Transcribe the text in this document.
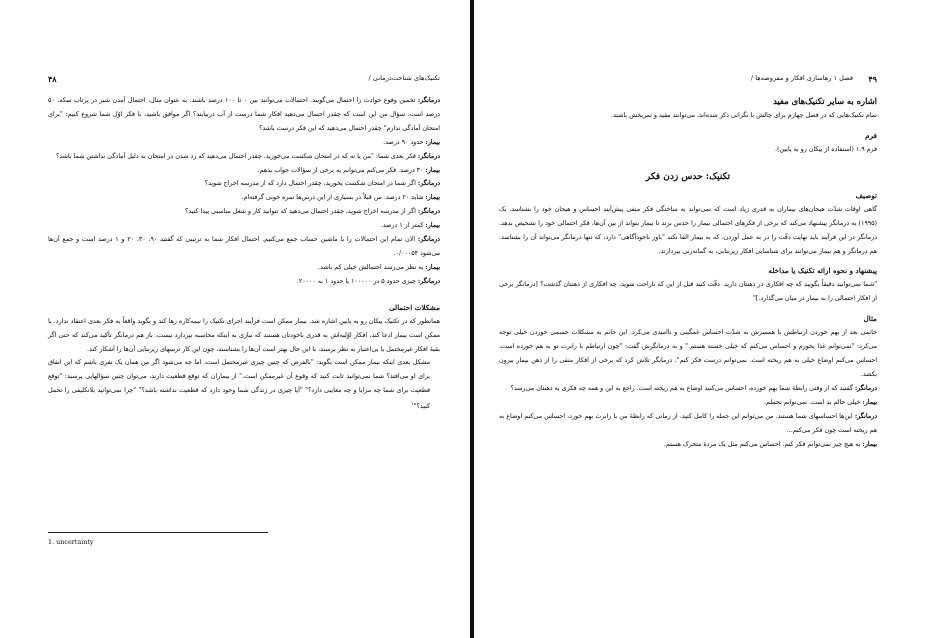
۴۸	تکنیک‌های شناخت‌درمانی /

درمانگر: تخمین وقوع حوادث را احتمال می‌گویند. احتمالات می‌توانند بین ۰ تا ۱۰۰ درصد باشند. به عنوان مثال، احتمال آمدن شیر در پرتاب سکه، ۵۰ درصد است. سؤال من این است که چقدر احتمال می‌دهید افکار شما درست از آب دربیایند؟ اگر موافق باشید، با فکر اوّل شما شروع کنیم: "برای امتحان آمادگی ندارم" چقدر احتمال می‌دهید که این فکر درست باشد؟

بیمار: حدود ۹۰ درصد.

درمانگر: فکر بعدی شما: "من یا نه که در امتحان شکست می‌خورید. چقدر احتمال می‌دهید که رد شدن در امتحان به دلیل آمادگی نداشتن شما باشد؟

بیمار: ۳۰ درصد. فکر می‌کنم می‌توانم به برخی از سؤالات جواب بدهم.

درمانگر: اگر شما در امتحان شکست بخورید، چقدر احتمال دارد که از مدرسه اخراج شوید؟

بیمار: شاید ۲۰ درصد. من قبلاً در بسیاری از این درس‌ها نمره خوبی گرفته‌ام.

درمانگر: اگر از مدرسه اخراج شوید، چقدر احتمال می‌دهید که نتوانید کار و شغل مناسبی پیدا کنید؟

بیمار: کمتر از ۱ درصد.

درمانگر: الان تمام این احتمالات را با ماشین حساب جمع می‌کنیم. احتمال افکار شما به ترتیبی که گفتید ۹۰، ۳۰، ۲۰ و ۱ درصد است و جمع آن‌ها می‌شود ۰/۰۰۰۵۴.

بیمار: به نظر می‌رسد احتمالش خیلی کم باشد.

درمانگر: چیزی حدود ۵ در ۱۰۰۰۰۰ یا حدود ۱ به ۲۰۰۰۰.

مشکلات احتمالی

همانطور که در تکنیک پیکان رو به پایین اشاره شد، بیمار ممکن است فرآیند اجرای تکنیک را نیمه‌کاره رها کند و بگوید واقعاً به فکر بعدی اعتقاد ندارد. یا ممکن است بیمار ادعا کند، افکار اوّلیه‌اش به قدری باخودتان هستند که نیازی به اینکه محاسبه بپردازد نیست. باز هم درمانگر تأکید می‌کند که حتی اگر بقیهٔ افکار غیرمحتمل یا بی‌اعتبار به نظر برسند، با این حال بهتر است آن‌ها را بشناسند، چون این کار ترسهای زیربنایی آن‌ها را آشکار کند.

مشکل بعدی اینکه بیمار ممکن است بگوید: "بالفرض که چنین چیزی غیرمحتمل است، اما چه می‌شود اگر من همان یک نفری باشم که این اتفاق برای او می‌افتد؟ شما نمی‌توانید ثابت کنید که وقوع آن غیرممکن است." از بیماران که توقع قطعیت دارند، می‌توان چنین سؤالهایی پرسید: "توقع قطعیت برای شما چه مزایا و چه معایبی دارد؟" "آیا چیزی در زندگی شما وجود دارد که قطعیت نداشته باشد؟" "چرا نمی‌توانید بلاتکلیفی را تحمل کنید؟"$^۱$

1. uncertainty
۴۹
فصل ۱ رهاسازی افکار و مفروضه‌ها /
اشاره به سایر تکنیک‌های مفید

تمام تکنیک‌هایی که در فصل چهارم برای چالش با نگرانی ذکر شده‌اند، می‌توانند مفید و ثمربخش باشند.

فرم

فرم ۱.۹ (استفاده از پیکان رو به پایین).

تکنیک: حدس زدن فکر
توصیف

گاهی اوقات شدّت هیجان‌های بیماران به قدری زیاد است که نمی‌تواند به ساختگی فکر منفی پیش‌آیند احساس و هیجان خود را بشناسد. بک (۱۹۹۵) به درمانگر پیشنهاد می‌کند که برخی از فکرهای احتمالی بیمار را حدس بزند تا بیمار بتواند از بین آن‌ها، فکر احتمالی خود را تشخیص بدهد. درمانگر در این فرآیند باید نهایت دقّت را در به عمل آوردن، که به بیمار القا نکند "باور ناخودآگاهی" دارد، که تنها درمانگر می‌تواند آن را بشناسد. هم درمانگر و هم بیمار می‌توانند برای شناسایی افکار زیربنایی، به گمانه‌زنی بپردازند.

پیشنهاد و نحوه ارائه تکنیک یا مداخله

"شما نمی‌توانید دقیقاً بگویید که چه افکاری در ذهنتان دارید. دقّت کنید قبل از این که ناراحت شوید، چه افکاری از ذهنتان گذشت؟ [درمانگر برخی از افکار احتمالی را به بیمار در میان می‌گذارد.]"

مثال

خانمی بعد از بهم خوردن ارتباطش با همسرش به شدّت احساس غمگینی و ناامیدی می‌کرد. این خانم به مشکلات جسمی خوردن خیلی توجه می‌کرد: "نمی‌توانم غذا بخورم و احساس می‌کنم که خیلی خسته هستم." و به درمانگرش گفت: "چون ارتباطم با رابرت تو به هم خورده است، احساس می‌کنم اوضاع خیلی به هم ریخته است. نمی‌توانم درست فکر کنم". درمانگر تلاش کرد که برخی از افکار منفی را از ذهن بیمار بیرون بکشد.

درمانگر: گفتید که از وقتی رابطهٔ شما بهم خورده، احساس می‌کنید اوضاع به هم ریخته است. راجع به این و همه چه فکری به ذهنتان می‌رسد؟

بیمار: خیلی حالم بد است. نمی‌توانم تحملم.

درمانگر: این‌ها احساسهای شما هستند. من می‌توانم این جمله را کامل کنید. از زمانی که رابطهٔ من با رابرت بهم خورد، احساس می‌کنم اوضاع به هم ریخته است چون فکر می‌کنم...

بیمار: به هیچ چیز نمی‌توانم فکر کنم. احساس می‌کنم مثل یک مردهٔ متحرک هستم.
